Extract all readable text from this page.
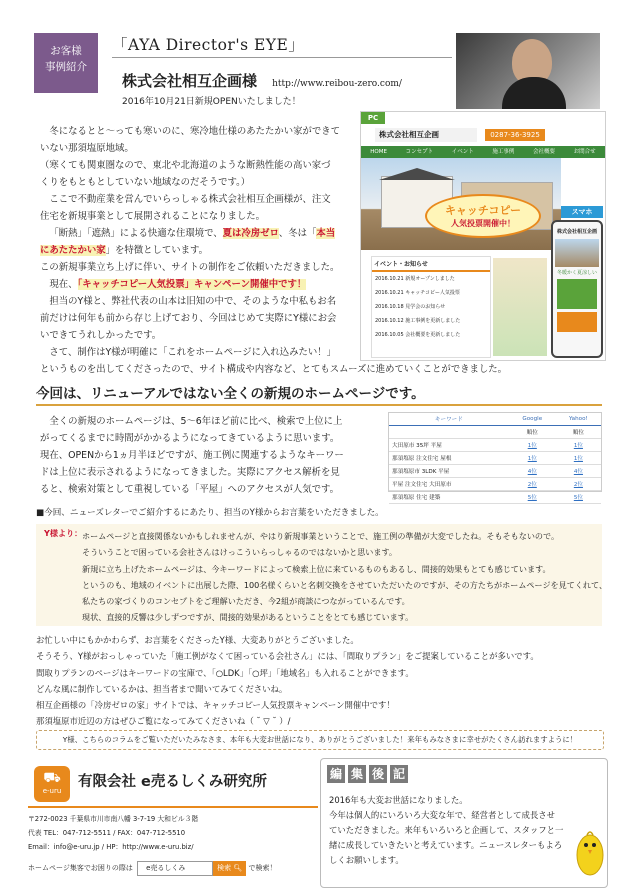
お客様
事例紹介
「AYA Director's EYE」
株式会社相互企画様 http://www.reibou-zero.com/
2016年10月21日新規OPENいたしました！
冬になるとと～っても寒いのに、寒冷地仕様のあたたかい家ができて
いない那須塩原地域。
（寒くても関東圏なので、東北や北海道のような断熱性能の高い家づ
くりをもともとしていない地域なのだそうです。）
ここで不動産業を営んでいらっしゃる株式会社相互企画様が、注文
住宅を新規事業として展開されることになりました。
「断熱」「遮熱」による快適な住環境で、夏は冷房ゼロ、冬は「本当
にあたたかい家」を特徴としています。
この新規事業立ち上げに伴い、サイトの制作をご依頼いただきました。
現在、「キャッチコピー人気投票」キャンペーン開催中です！
担当のY様と、弊社代表の山本は旧知の中で、そのような中私もお名
前だけは何年も前から存じ上げており、今回はじめて実際にY様にお会
いできてうれしかったです。
さて、制作はY様が明確に「これをホームページに入れ込みたい！」
というものを出してくださったので、サイト構成や内容など、とてもスムーズに進めていくことができました。
PC
株式会社相互企画	0287-36-3925
HOME	コンセプト	イベント	施工事例	会社概要	お問合せ
キャッチコピー
人気投票開催中！
スマホ
株式会社相互企画
冬暖かく夏涼しい
イベント・お知らせ
2016.10.21 新規オープンしました
2016.10.21 キャッチコピー人気投票
2016.10.18 見学会のお知らせ
2016.10.12 施工事例を更新しました
2016.10.05 会社概要を更新しました
今回は、リニューアルではない全くの新規のホームページです。
全くの新規のホームページは、5～6年ほど前に比べ、検索で上位に上
がってくるまでに時間がかかるようになってきているように思います。
現在、OPENから1ヵ月半ほどですが、施工例に関連するようなキーワー
ドは上位に表示されるようになってきました。実際にアクセス解析を見
ると、検索対策として重視している「平屋」へのアクセスが人気です。
キーワード	Google	Yahoo!
	順位	順位
大田原市 35坪 平屋	1位	1位
那須塩原 注文住宅 屋根	1位	1位
那須塩原市 3LDK 平屋	4位	4位
平屋 注文住宅 大田原市	2位	2位
那須塩原 住宅 建築	5位	5位
■今回、ニューズレターでご紹介するにあたり、担当のY様からお言葉をいただきました。
Y様より： ホームページと直接関係ないかもしれませんが、やはり新規事業ということで、施工例の準備が大変でしたね。そもそもないので。
そういうことで困っている会社さんはけっこういらっしゃるのではないかと思います。
新規に立ち上げたホームページは、今キーワードによって検索上位に来ているものもあるし、間接的効果もとても感じています。
というのも、地域のイベントに出展した際、100名様くらいと名刺交換をさせていただいたのですが、その方たちがホームページを見てくれて、
私たちの家づくりのコンセプトをご理解いただき、今2組が商談につながっているんです。
現状、直接的反響は少しずつですが、間接的効果があるということをとても感じています。
お忙しい中にもかかわらず、お言葉をくださったY様、大変ありがとうございました。
そうそう、Y様がおっしゃっていた「施工例がなくて困っている会社さん」には、「間取りプラン」をご提案していることが多いです。
間取りプランのページはキーワードの宝庫で、「○LDK」「○坪」「地域名」も入れることができます。
どんな風に制作しているかは、担当者まで聞いてみてくださいね。
相互企画様の「冷房ゼロの家」サイトでは、キャッチコピー人気投票キャンペーン開催中です！
那須塩原市近辺の方はぜひご覧になってみてくださいね（ ˘ ▽ ˘ ）/
Y様、こちらのコラムをご覧いただいたみなさま、本年も大変お世話になり、ありがとうございました！来年もみなさまに幸せがたくさん訪れますように！
⛟
e-uru
有限会社 e売るしくみ研究所
〒272-0023 千葉県市川市南八幡 3-7-19 大和ビル３階
代表 TEL：047-712-5511 / FAX：047-712-5510
Email：info@e-uru.jp / HP：http://www.e-uru.biz/
ホームページ集客でお困りの際は e売るしくみ	検索 🔍︎ で検索！
編 集 後 記
2016年も大変お世話になりました。
今年は個人的にいろいろ大変な年で、経営者として成長させ
ていただきました。来年もいろいろと企画して、スタッフと一
緒に成長していきたいと考えています。ニュースレターもよろ
しくお願いします。
